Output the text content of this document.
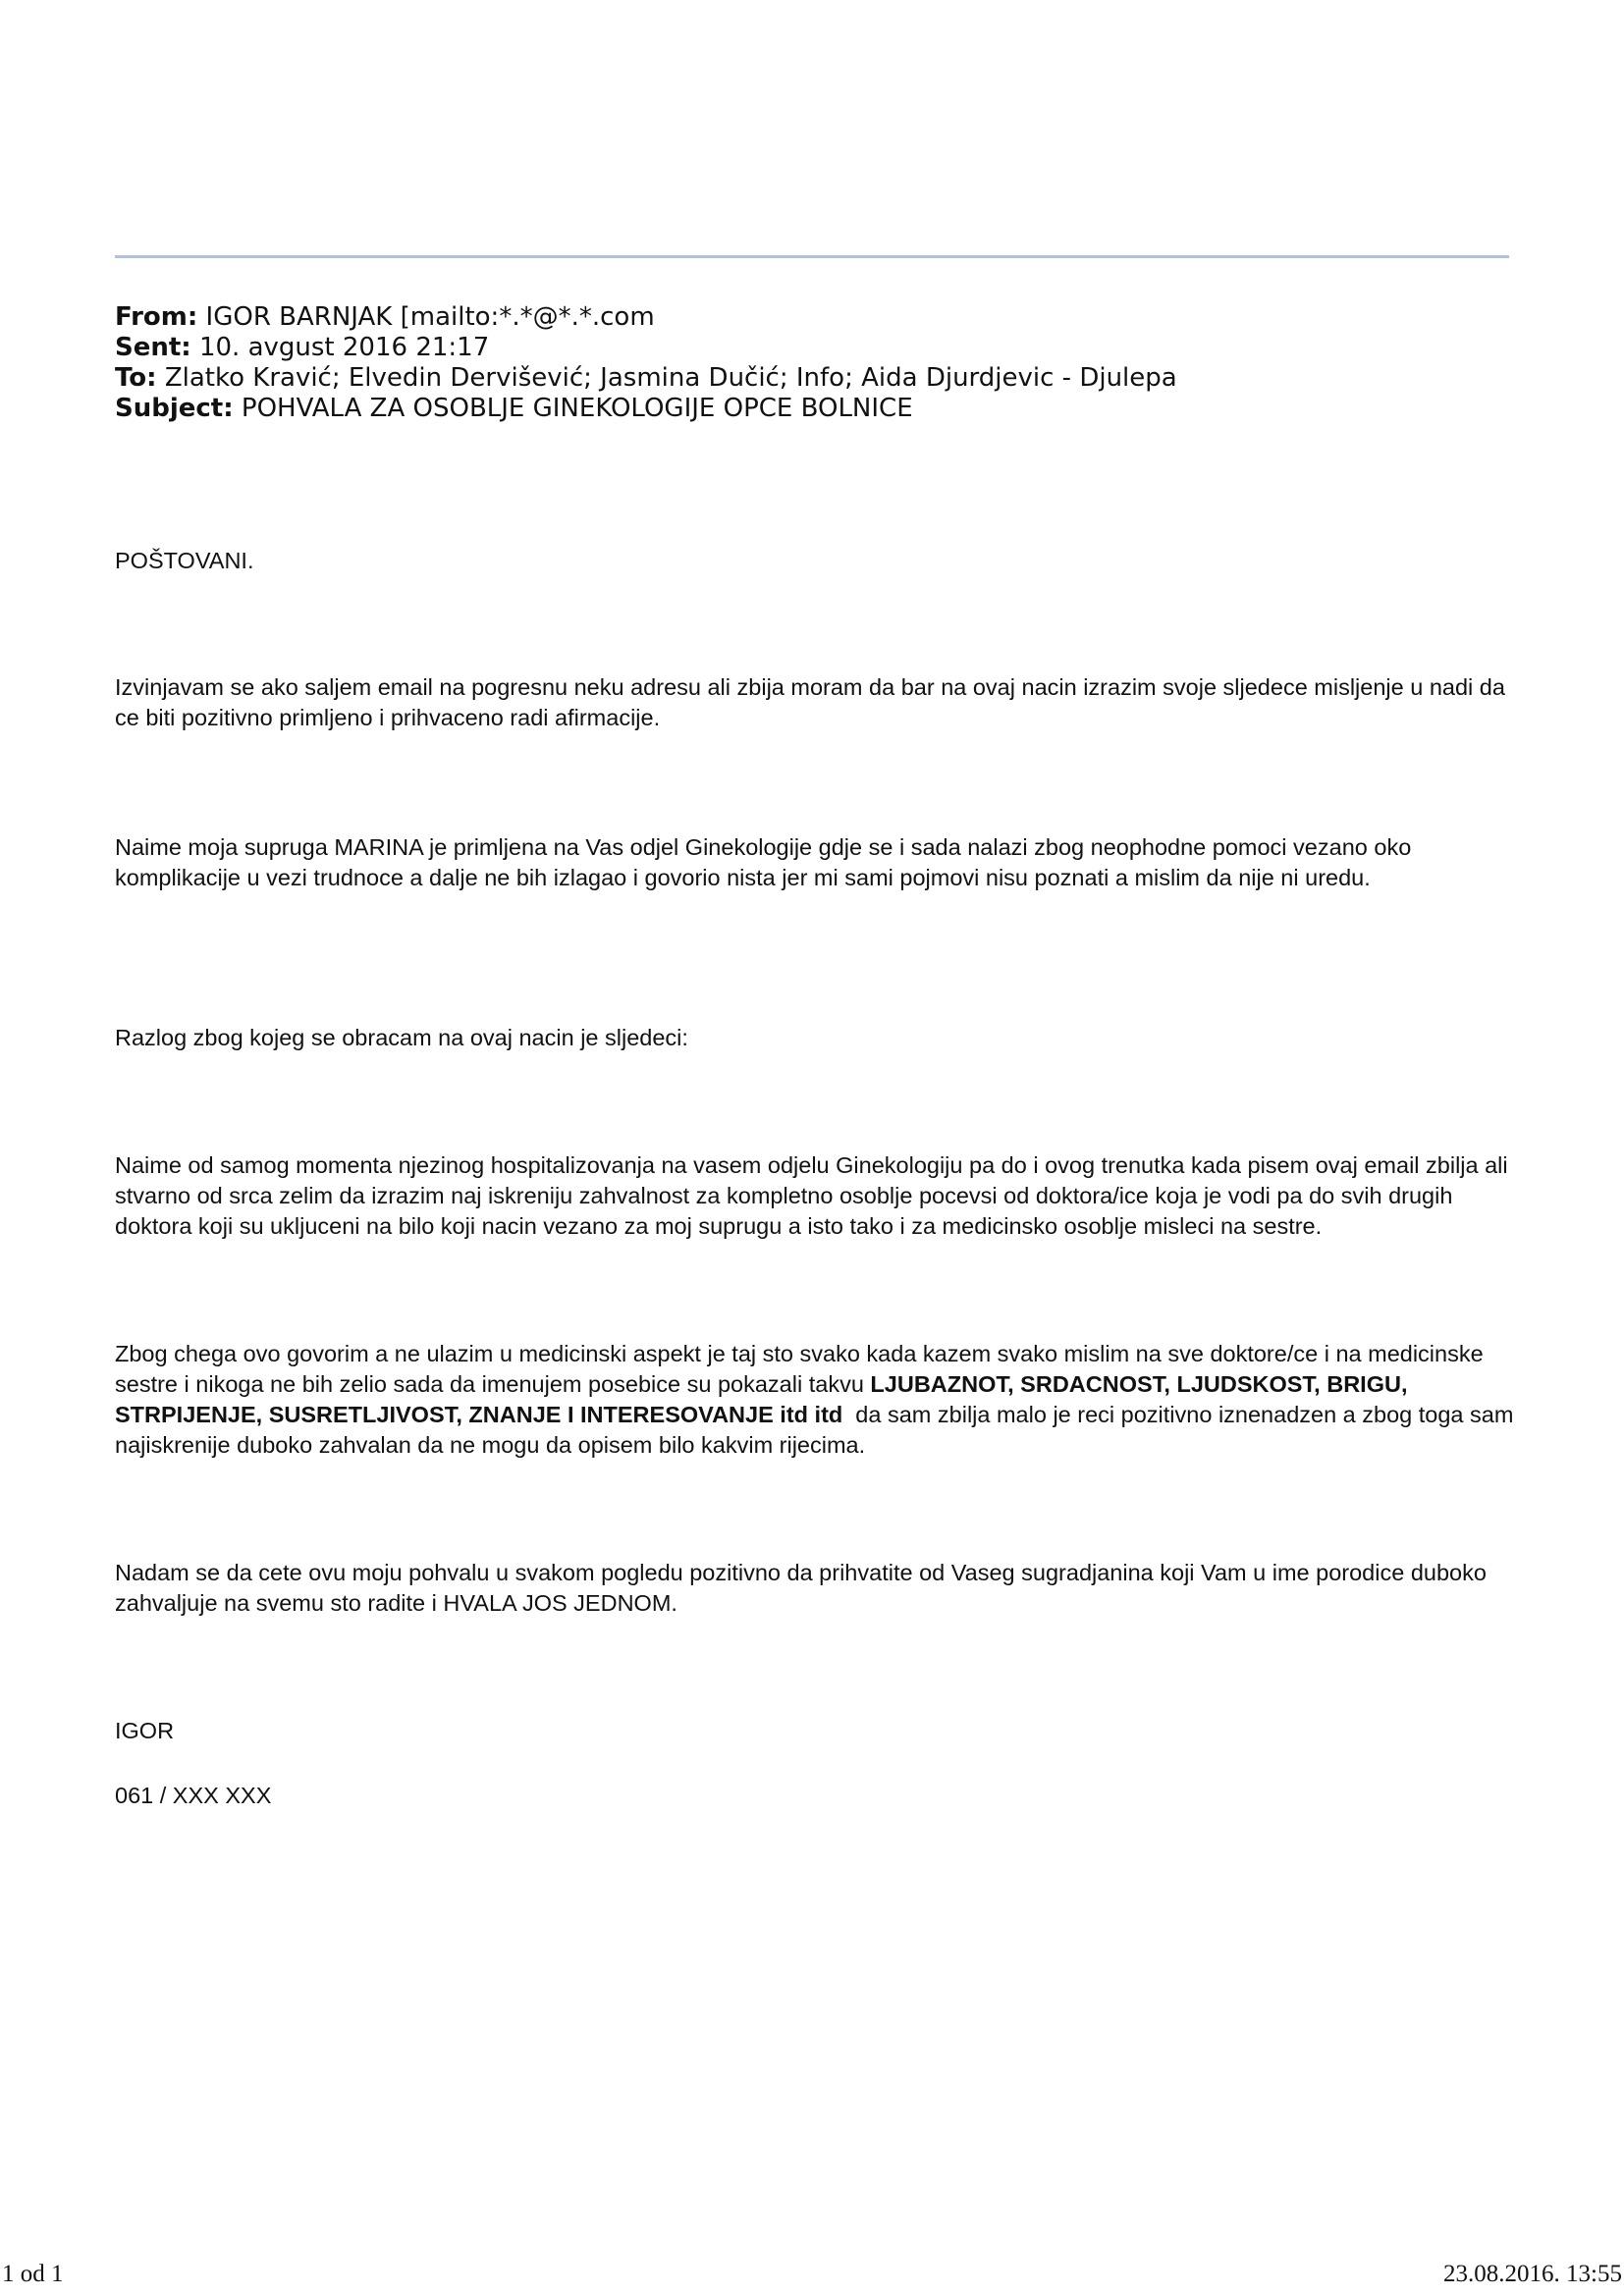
From: IGOR BARNJAK [mailto:*.*@*.*.com
Sent: 10. avgust 2016 21:17
To: Zlatko Kravić; Elvedin Dervišević; Jasmina Dučić; Info; Aida Djurdjevic - Djulepa
Subject: POHVALA ZA OSOBLJE GINEKOLOGIJE OPCE BOLNICE

POŠTOVANI.

Izvinjavam se ako saljem email na pogresnu neku adresu ali zbija moram da bar na ovaj nacin izrazim svoje sljedece misljenje u nadi da ce biti pozitivno primljeno i prihvaceno radi afirmacije.

Naime moja supruga MARINA je primljena na Vas odjel Ginekologije gdje se i sada nalazi zbog neophodne pomoci vezano oko komplikacije u vezi trudnoce a dalje ne bih izlagao i govorio nista jer mi sami pojmovi nisu poznati a mislim da nije ni uredu.

Razlog zbog kojeg se obracam na ovaj nacin je sljedeci:

Naime od samog momenta njezinog hospitalizovanja na vasem odjelu Ginekologiju pa do i ovog trenutka kada pisem ovaj email zbilja ali stvarno od srca zelim da izrazim naj iskreniju zahvalnost za kompletno osoblje pocevsi od doktora/ice koja je vodi pa do svih drugih doktora koji su ukljuceni na bilo koji nacin vezano za moj suprugu a isto tako i za medicinsko osoblje misleci na sestre.

Zbog chega ovo govorim a ne ulazim u medicinski aspekt je taj sto svako kada kazem svako mislim na sve doktore/ce i na medicinske sestre i nikoga ne bih zelio sada da imenujem posebice su pokazali takvu LJUBAZNOT, SRDACNOST, LJUDSKOST, BRIGU, STRPIJENJE, SUSRETLJIVOST, ZNANJE I INTERESOVANJE itd itd  da sam zbilja malo je reci pozitivno iznenadzen a zbog toga sam najiskrenije duboko zahvalan da ne mogu da opisem bilo kakvim rijecima.

Nadam se da cete ovu moju pohvalu u svakom pogledu pozitivno da prihvatite od Vaseg sugradjanina koji Vam u ime porodice duboko zahvaljuje na svemu sto radite i HVALA JOS JEDNOM.

IGOR

061 / XXX XXX

1 od 1	23.08.2016. 13:55
